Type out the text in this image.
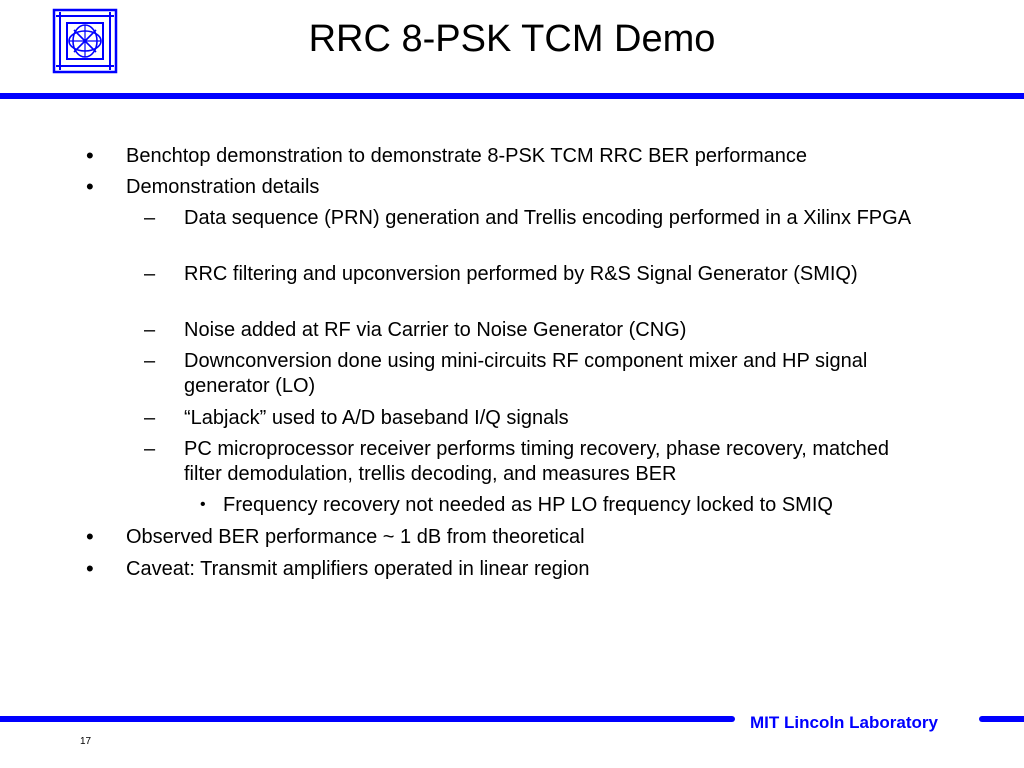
RRC 8-PSK TCM Demo
• Benchtop demonstration to demonstrate 8-PSK TCM RRC BER performance
• Demonstration details
– Data sequence (PRN) generation and Trellis encoding performed in a Xilinx FPGA
– RRC filtering and upconversion performed by R&S Signal Generator (SMIQ)
– Noise added at RF via Carrier to Noise Generator (CNG)
– Downconversion done using mini-circuits RF component mixer and HP signal generator (LO)
– “Labjack” used to A/D baseband I/Q signals
– PC microprocessor receiver performs timing recovery, phase recovery, matched filter demodulation, trellis decoding, and measures BER
• Frequency recovery not needed as HP LO frequency locked to SMIQ
• Observed BER performance ~ 1 dB from theoretical
• Caveat: Transmit amplifiers operated in linear region
MIT Lincoln Laboratory
17
